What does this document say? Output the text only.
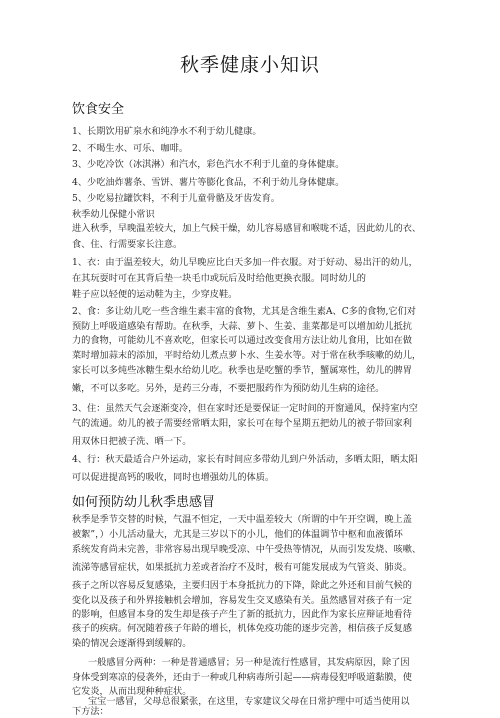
秋季健康小知识
饮食安全
1、长期饮用矿泉水和纯净水不利于幼儿健康。
2、不喝生水、可乐、咖啡。
3、少吃冷饮（冰淇淋）和汽水，彩色汽水不利于儿童的身体健康。
4、少吃油炸薯条、雪饼、薯片等膨化食品，不利于幼儿身体健康。
5、少吃易拉罐饮料，不利于儿童骨骼及牙齿发育。
秋季幼儿保健小常识
进入秋季，早晚温差较大，加上气候干燥，幼儿容易感冒和喉咙不适，因此幼儿的衣、
食、住、行需要家长注意。
1、衣：由于温差较大，幼儿早晚应比白天多加一件衣服。对于好动、易出汗的幼儿，
在其玩耍时可在其背后垫一块毛巾或玩后及时给他更换衣服。同时幼儿的
鞋子应以轻便的运动鞋为主，少穿皮鞋。
2、食：多让幼儿吃一些含维生素丰富的食物，尤其是含维生素A、C多的食物,它们对
预防上呼吸道感染有帮助。在秋季，大蒜、萝卜、生姜、韭菜都是可以增加幼儿抵抗
力的食物，可能幼儿不喜欢吃，但家长可以通过改变食用方法让幼儿食用，比如在做
菜时增加蒜末的添加，平时给幼儿煮点萝卜水、生姜水等。对于常在秋季咳嗽的幼儿，
家长可以多炖些冰糖生梨水给幼儿吃。秋季也是吃蟹的季节，蟹属寒性，幼儿的脾胃
嫩，不可以多吃。另外，是药三分毒，不要把服药作为预防幼儿生病的途径。
3、住：虽然天气会逐渐变冷，但在家时还是要保证一定时间的开窗通风，保持室内空
气的流通。幼儿的被子需要经常晒太阳，家长可在每个星期五把幼儿的被子带回家利
用双休日把被子洗、晒一下。
4、行：秋天最适合户外运动，家长有时间应多带幼儿到户外活动，多晒太阳，晒太阳
可以促进提高钙的吸收，同时也增强幼儿的体质。
如何预防幼儿秋季患感冒
秋季是季节交替的时候，气温不恒定，一天中温差较大（所谓的中午开空调，晚上盖
被絮”，）小儿活动量大，尤其是三岁以下的小儿，他们的体温调节中枢和血液循环
系统发育尚未完善，非常容易出现早晚受凉、中午受热等情况，从而引发发烧、咳嗽、
流涕等感冒症状，如果抵抗力差或者治疗不及时，极有可能发展成为气管炎、肺炎。
孩子之所以容易反复感染，主要归因于本身抵抗力的下降，除此之外还和目前气候的
变化以及孩子和外界接触机会增加，容易发生交叉感染有关。虽然感冒对孩子有一定
的影响，但感冒本身的发生却是孩子产生了新的抵抗力，因此作为家长应辩证地看待
孩子的疾病。何况随着孩子年龄的增长，机体免疫功能的逐步完善，相信孩子反复感
染的情况会逐渐得到缓解的。
一般感冒分两种：一种是普通感冒；另一种是流行性感冒，其发病原因，除了因
身体受到寒凉的侵袭外，还由于一种或几种病毒所引起——病毒侵犯呼吸道黏膜，使
它发炎，从而出现种种症状。
宝宝一感冒，父母总很紧张，在这里，专家建议父母在日常护理中可适当使用以
下方法：
